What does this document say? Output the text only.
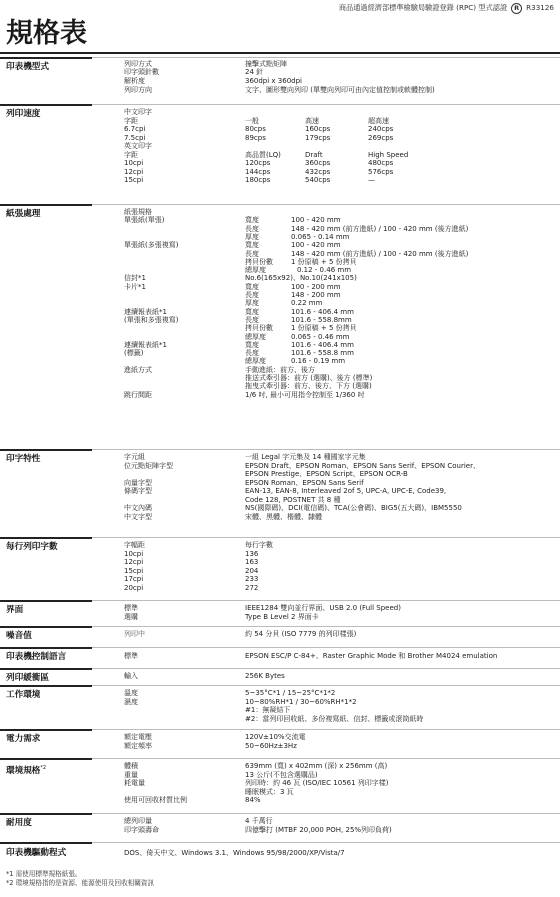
商品通過經濟部標準檢驗局驗證登錄 (RPC) 型式認證	R R33126
規格表
印表機型式	列印方式	撞擊式點矩陣
印字頭針數	24 針
解析度	360dpi x 360dpi
列印方向	文字、圖形雙向列印 (單雙向列印可由內定值控制或軟體控制)
列印速度	中文印字
字距	一般	高速	超高速
6.7cpi	80cps	160cps	240cps
7.5cpi	89cps	179cps	269cps
英文印字
字距	高品質(LQ)	Draft	High Speed
10cpi	120cps	360cps	480cps
12cpi	144cps	432cps	576cps
15cpi	180cps	540cps	—
紙張處理	紙張規格
單張紙(單張)	寬度	100 - 420 mm
長度	148 - 420 mm (前方進紙) / 100 - 420 mm (後方進紙)
厚度	0.065 - 0.14 mm
單張紙(多張複寫)	寬度	100 - 420 mm
長度	148 - 420 mm (前方進紙) / 100 - 420 mm (後方進紙)
拷貝份數	1 份原稿 + 5 份拷貝
總厚度	0.12 - 0.46 mm
信封*1	No.6(165x92)、No.10(241x105)
卡片*1	寬度	100 - 200 mm
長度	148 - 200 mm
厚度	0.22 mm
連續報表紙*1	寬度	101.6 - 406.4 mm
(單張和多張複寫)	長度	101.6 - 558.8mm
拷貝份數	1 份原稿 + 5 份拷貝
總厚度	0.065 - 0.46 mm
連續報表紙*1	寬度	101.6 - 406.4 mm
(標籤)	長度	101.6 - 558.8 mm
總厚度	0.16 - 0.19 mm
進紙方式	手動進紙：前方、後方
推送式牽引器：前方 (選購)、後方 (標準)
拖曳式牽引器：前方、後方、下方 (選購)
跳行間距	1/6 吋, 最小可用指令控制至 1/360 吋
印字特性	字元組	一組 Legal 字元集及 14 種國家字元集
位元點矩陣字型	EPSON Draft、EPSON Roman、EPSON Sans Serif、EPSON Courier、
EPSON Prestige、EPSON Script、EPSON OCR-B
向量字型	EPSON Roman、EPSON Sans Serif
條碼字型	EAN-13, EAN-8, Interleaved 2of 5, UPC-A, UPC-E, Code39,
Code 128, POSTNET 共 8 種
中文內碼	NS(國際碼)、DCI(電信碼)、TCA(公會碼)、BIG5(五大碼)、IBM5550
中文字型	宋體、黑體、楷體、隸體
每行列印字數	字幅距	每行字數
10cpi	136
12cpi	163
15cpi	204
17cpi	233
20cpi	272
界面	標準	IEEE1284 雙向並行界面、USB 2.0 (Full Speed)
選購	Type B Level 2 界面卡
噪音值	列印中	約 54 分貝 (ISO 7779 的列印樣張)
印表機控制語言	標準	EPSON ESC/P C-84+、Raster Graphic Mode 和 Brother M4024 emulation
列印緩衝區	輸入	256K Bytes
工作環境	溫度	5~35°C*1 / 15~25°C*1*2
濕度	10~80%RH*1 / 30~60%RH*1*2
#1：無凝結下
#2：當列印回收紙、多份複寫紙、信封、標籤或滾筒紙時
電力需求	額定電壓	120V±10%交流電
額定頻率	50~60Hz±3Hz
環境規格$^{*2}$	體積	639mm (寬) x 402mm (深) x 256mm (高)
重量	13 公斤(不包含選購品)
耗電量	列印時：約 46 瓦 (ISO/IEC 10561 列印字樣)
睡眠模式：3 瓦
使用可回收材質比例	84%
耐用度	總列印量	4 千萬行
印字頭壽命	四億擊打 (MTBF 20,000 POH, 25%列印負荷)
印表機驅動程式	DOS、倚天中文、Windows 3.1、Windows 95/98/2000/XP/Vista/7
*1 需使用標準規格紙張。
*2 環境規格指的是資源、能源使用及回收相關資訊
